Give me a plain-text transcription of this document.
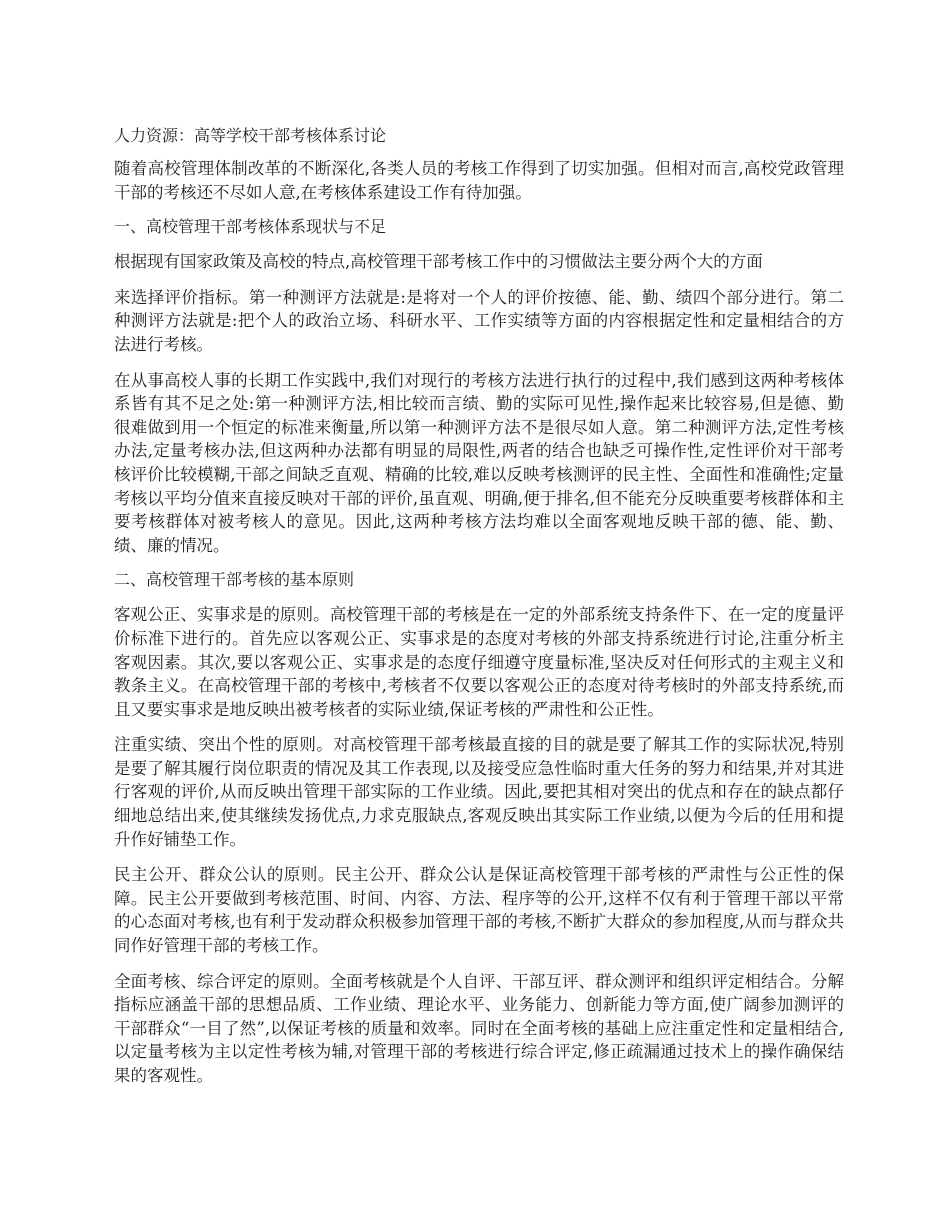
人力资源：高等学校干部考核体系讨论

随着高校管理体制改革的不断深化,各类人员的考核工作得到了切实加强。但相对而言,高校党政管理干部的考核还不尽如人意,在考核体系建设工作有待加强。

一、高校管理干部考核体系现状与不足

根据现有国家政策及高校的特点,高校管理干部考核工作中的习惯做法主要分两个大的方面

来选择评价指标。第一种测评方法就是:是将对一个人的评价按德、能、勤、绩四个部分进行。第二种测评方法就是:把个人的政治立场、科研水平、工作实绩等方面的内容根据定性和定量相结合的方法进行考核。

在从事高校人事的长期工作实践中,我们对现行的考核方法进行执行的过程中,我们感到这两种考核体系皆有其不足之处:第一种测评方法,相比较而言绩、勤的实际可见性,操作起来比较容易,但是德、勤很难做到用一个恒定的标准来衡量,所以第一种测评方法不是很尽如人意。第二种测评方法,定性考核办法,定量考核办法,但这两种办法都有明显的局限性,两者的结合也缺乏可操作性,定性评价对干部考核评价比较模糊,干部之间缺乏直观、精确的比较,难以反映考核测评的民主性、全面性和准确性;定量考核以平均分值来直接反映对干部的评价,虽直观、明确,便于排名,但不能充分反映重要考核群体和主要考核群体对被考核人的意见。因此,这两种考核方法均难以全面客观地反映干部的德、能、勤、绩、廉的情况。

二、高校管理干部考核的基本原则

客观公正、实事求是的原则。高校管理干部的考核是在一定的外部系统支持条件下、在一定的度量评价标准下进行的。首先应以客观公正、实事求是的态度对考核的外部支持系统进行讨论,注重分析主客观因素。其次,要以客观公正、实事求是的态度仔细遵守度量标准,坚决反对任何形式的主观主义和教条主义。在高校管理干部的考核中,考核者不仅要以客观公正的态度对待考核时的外部支持系统,而且又要实事求是地反映出被考核者的实际业绩,保证考核的严肃性和公正性。

注重实绩、突出个性的原则。对高校管理干部考核最直接的目的就是要了解其工作的实际状况,特别是要了解其履行岗位职责的情况及其工作表现,以及接受应急性临时重大任务的努力和结果,并对其进行客观的评价,从而反映出管理干部实际的工作业绩。因此,要把其相对突出的优点和存在的缺点都仔细地总结出来,使其继续发扬优点,力求克服缺点,客观反映出其实际工作业绩,以便为今后的任用和提升作好铺垫工作。

民主公开、群众公认的原则。民主公开、群众公认是保证高校管理干部考核的严肃性与公正性的保障。民主公开要做到考核范围、时间、内容、方法、程序等的公开,这样不仅有利于管理干部以平常的心态面对考核,也有利于发动群众积极参加管理干部的考核,不断扩大群众的参加程度,从而与群众共同作好管理干部的考核工作。

全面考核、综合评定的原则。全面考核就是个人自评、干部互评、群众测评和组织评定相结合。分解指标应涵盖干部的思想品质、工作业绩、理论水平、业务能力、创新能力等方面,使广阔参加测评的干部群众“一目了然”,以保证考核的质量和效率。同时在全面考核的基础上应注重定性和定量相结合,以定量考核为主以定性考核为辅,对管理干部的考核进行综合评定,修正疏漏通过技术上的操作确保结果的客观性。
